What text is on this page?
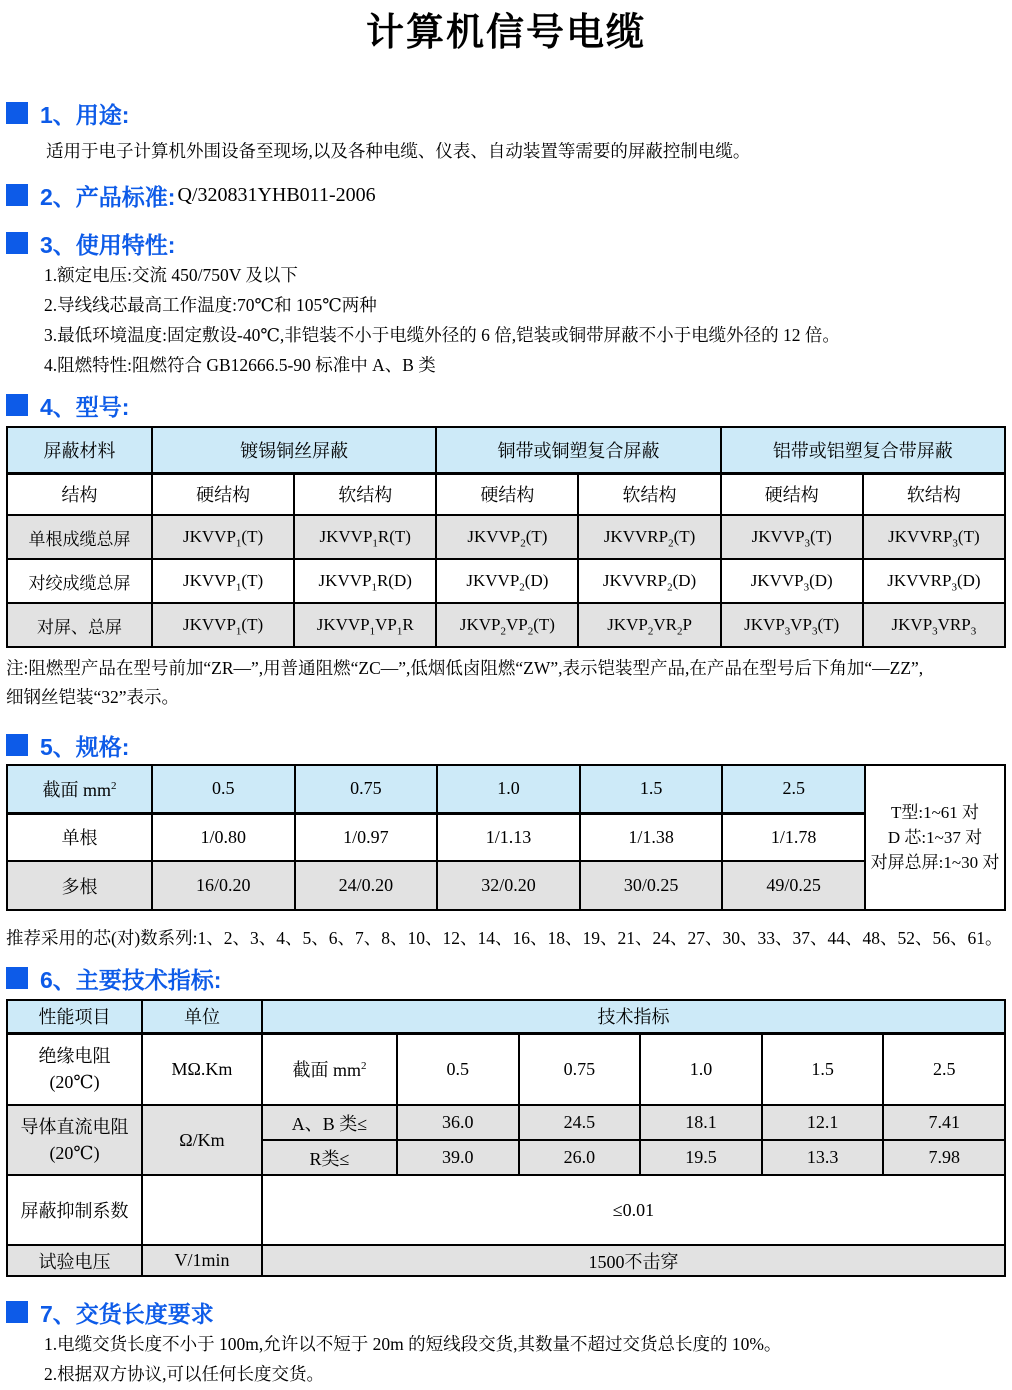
计算机信号电缆
1、用途:
适用于电子计算机外围设备至现场,以及各种电缆、仪表、自动装置等需要的屏蔽控制电缆。
2、产品标准: Q/320831YHB011-2006
3、使用特性:
1.额定电压:交流 450/750V 及以下
2.导线线芯最高工作温度:70℃和 105℃两种
3.最低环境温度:固定敷设-40℃,非铠装不小于电缆外径的 6 倍,铠装或铜带屏蔽不小于电缆外径的 12 倍。
4.阻燃特性:阻燃符合 GB12666.5-90 标准中 A、B 类
4、型号:
屏蔽材料	镀锡铜丝屏蔽		铜带或铜塑复合屏蔽		铝带或铝塑复合带屏蔽	
结构	硬结构	软结构	硬结构	软结构	硬结构	软结构
单根成缆总屏	$JKVVP_1(T)$	$JKVVP_1R(T)$	$JKVVP_2(T)$	$JKVVRP_2(T)$	$JKVVP_3(T)$	$JKVVRP_3(T)$
对绞成缆总屏	$JKVVP_1(T)$	$JKVVP_1R(D)$	$JKVVP_2(D)$	$JKVVRP_2(D)$	$JKVVP_3(D)$	$JKVVRP_3(D)$
对屏、总屏	$JKVVP_1(T)$	$JKVVP_1VP_1R$	$JKVP_2VP_2(T)$	$JKVP_2VR_2P$	$JKVP_3VP_3(T)$	$JKVP_3VRP_3$
注:阻燃型产品在型号前加“ZR—”,用普通阻燃“ZC—”,低烟低卤阻燃“ZW”,表示铠装型产品,在产品在型号后下角加“—ZZ”,
细钢丝铠装“32”表示。
5、规格:
截面 $mm^2$	0.5	0.75	1.0	1.5	2.5	T型:1~61 对
D 芯:1~37 对
对屏总屏:1~30 对

单根	1/0.80	1/0.97	1/1.13	1/1.38	1/1.78	
多根	16/0.20	24/0.20	32/0.20	30/0.25	49/0.25	
推荐采用的芯(对)数系列:1、2、3、4、5、6、7、8、10、12、14、16、18、19、21、24、27、30、33、37、44、48、52、56、61。
6、主要技术指标:
性能项目	单位	技术指标					

绝缘电阻
(20℃)	MΩ.Km	截面 $mm^2$	0.5	0.75	1.0	1.5	2.5

导体直流电阻
(20℃)	Ω/Km	A、B 类≤	36.0	24.5	18.1	12.1	7.41
		R类≤	39.0	26.0	19.5	13.3	7.98
屏蔽抑制系数		≤0.01					
试验电压	V/1min	1500不击穿					
7、交货长度要求
1.电缆交货长度不小于 100m,允许以不短于 20m 的短线段交货,其数量不超过交货总长度的 10%。
2.根据双方协议,可以任何长度交货。
